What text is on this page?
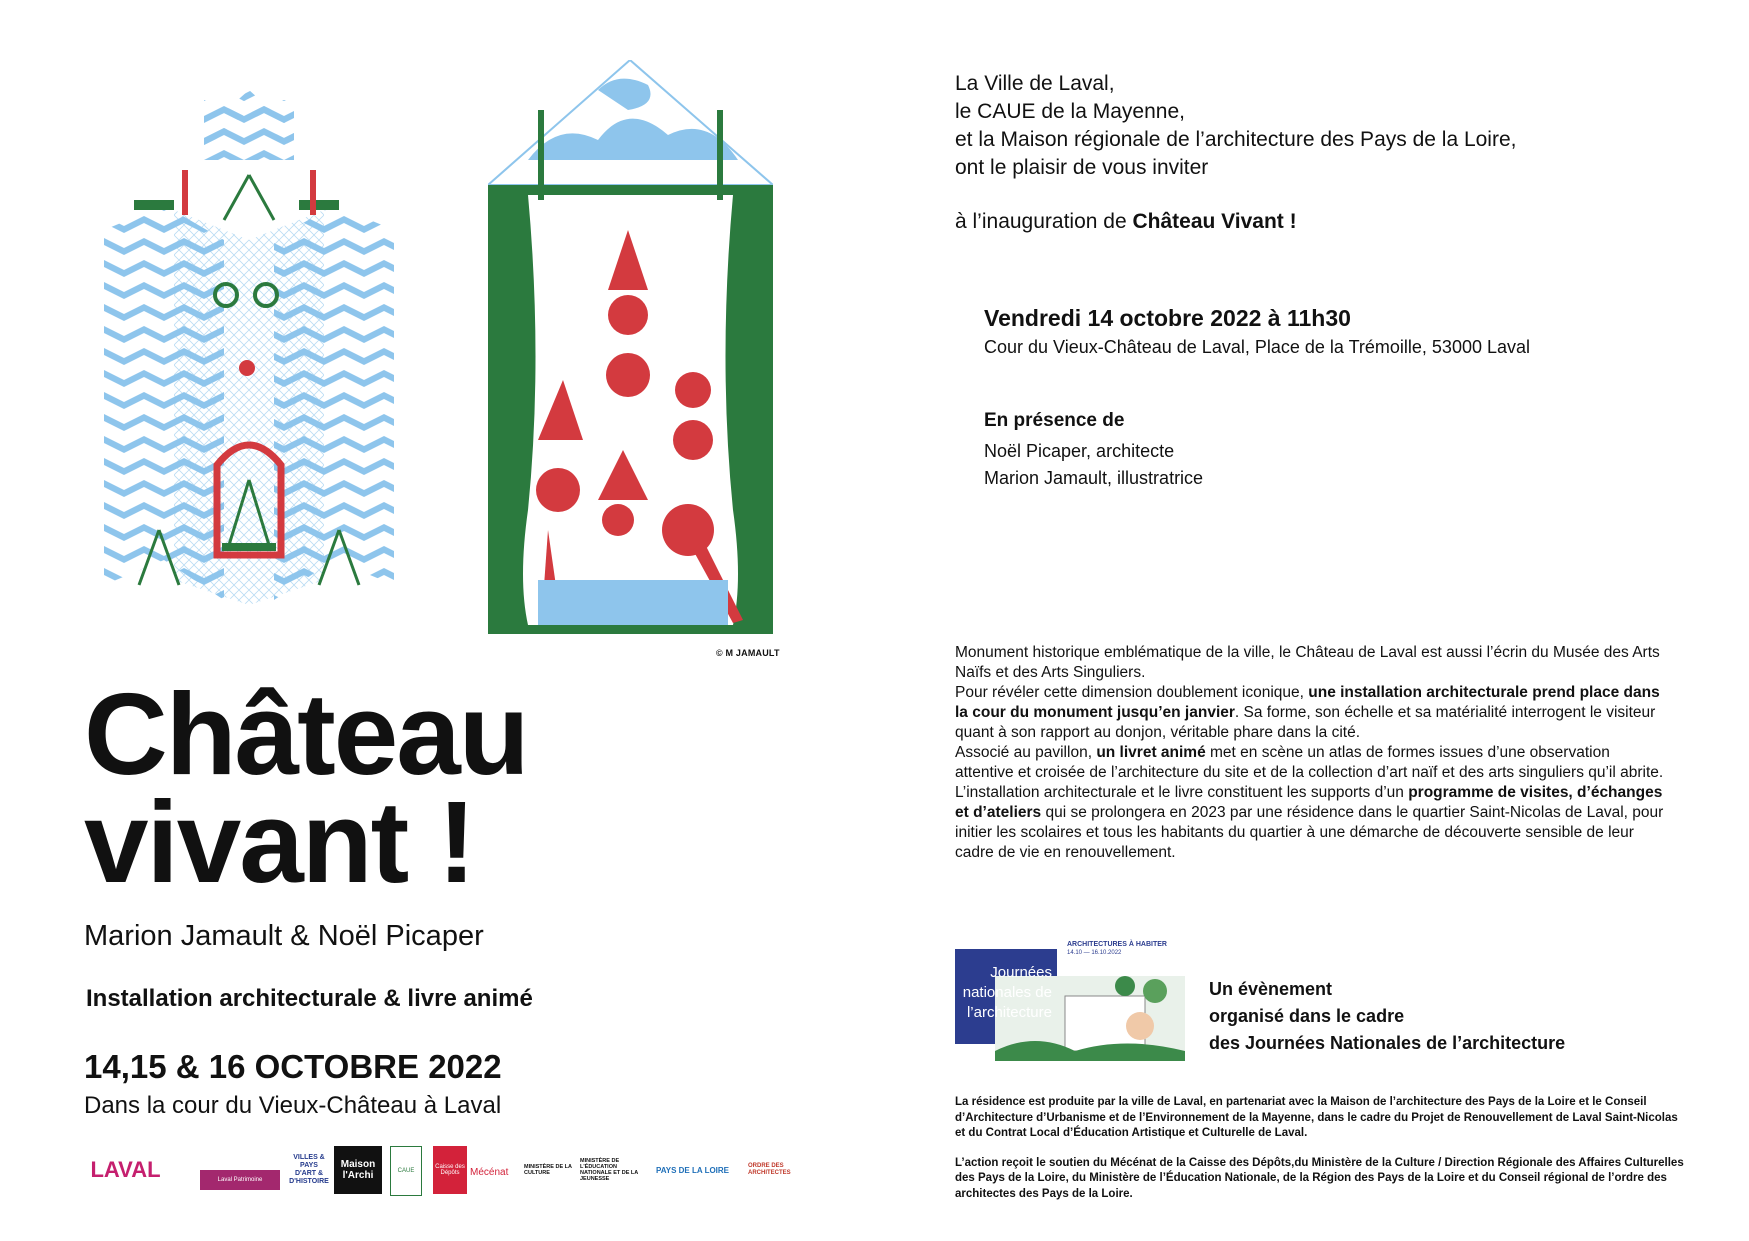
© M JAMAULT
Château
vivant !
Marion Jamault & Noël Picaper
Installation architecturale & livre animé
14,15 & 16 OCTOBRE 2022
Dans la cour du Vieux-Château à Laval
LAVAL	Laval Patrimoine
VILLES & PAYS D'ART & D'HISTOIRE
Maison l'Archi	CAUE
Caisse des Dépôts	Mécénat	MINISTÈRE DE LA CULTURE
MINISTÈRE DE L'ÉDUCATION NATIONALE ET DE LA JEUNESSE
PAYS DE LA LOIRE	ORDRE DES ARCHITECTES
La Ville de Laval,
le CAUE de la Mayenne,
et la Maison régionale de l’architecture des Pays de la Loire,
ont le plaisir de vous inviter
à l’inauguration de Château Vivant !
Vendredi 14 octobre 2022 à 11h30
Cour du Vieux-Château de Laval, Place de la Trémoille, 53000 Laval
En présence de
Noël Picaper, architecte
Marion Jamault, illustratrice

Monument historique emblématique de la ville, le Château de Laval est aussi l’écrin du Musée des Arts Naïfs et des Arts Singuliers.

Pour révéler cette dimension doublement iconique, une installation architecturale prend place dans la cour du monument jusqu’en janvier. Sa forme, son échelle et sa matérialité interrogent le visiteur quant à son rapport au donjon, véritable phare dans la cité.

Associé au pavillon, un livret animé met en scène un atlas de formes issues d’une observation attentive et croisée de l’architecture du site et de la collection d’art naïf et des arts singuliers qu’il abrite.

L’installation architecturale et le livre constituent les supports d’un programme de visites, d’échanges et d’ateliers qui se prolongera en 2023 par une résidence dans le quartier Saint-Nicolas de Laval, pour initier les scolaires et tous les habitants du quartier à une démarche de découverte sensible de leur cadre de vie en renouvellement.

ARCHITECTURES À HABITER
14.10 — 16.10.2022
Journées nationales de l’architecture
Un évènement
organisé dans le cadre
des Journées Nationales de l’architecture

La résidence est produite par la ville de Laval, en partenariat avec la Maison de l’architecture des Pays de la Loire et le Conseil d’Architecture d’Urbanisme et de l’Environnement de la Mayenne, dans le cadre du Projet de Renouvellement de Laval Saint-Nicolas et du Contrat Local d’Éducation Artistique et Culturelle de Laval.

L’action reçoit le soutien du Mécénat de la Caisse des Dépôts,du Ministère de la Culture / Direction Régionale des Affaires Culturelles des Pays de la Loire, du Ministère de l’Éducation Nationale, de la Région des Pays de la Loire et du Conseil régional de l’ordre des architectes des Pays de la Loire.
